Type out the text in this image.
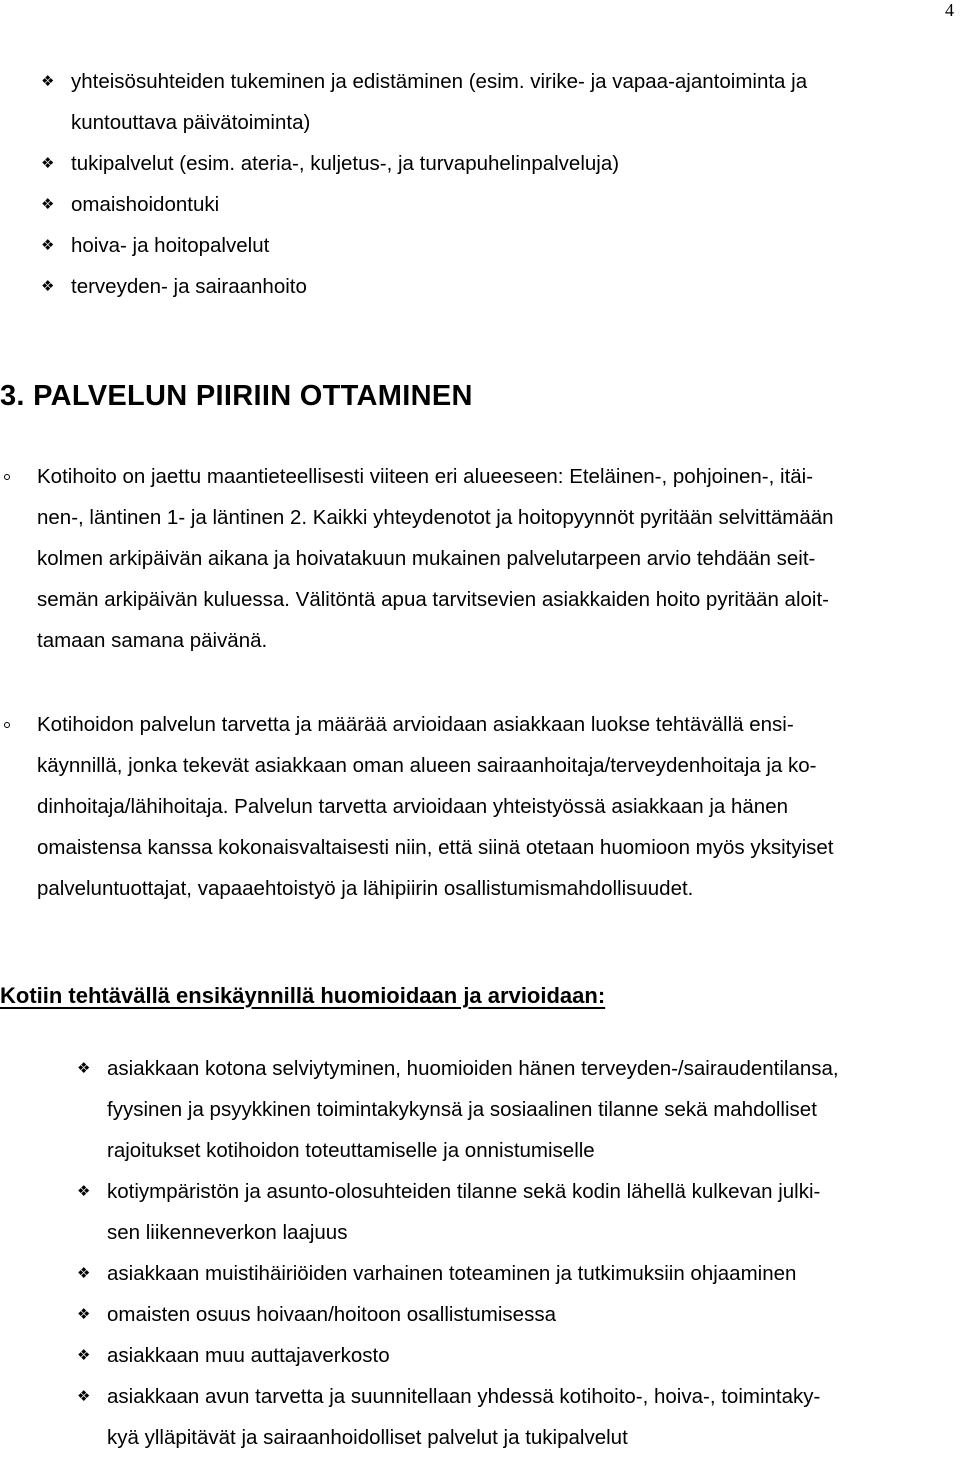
4
❖ yhteisösuhteiden tukeminen ja edistäminen (esim. virike- ja vapaa-ajantoiminta ja
kuntouttava päivätoiminta)
❖ tukipalvelut (esim. ateria-, kuljetus-, ja turvapuhelinpalveluja)
❖ omaishoidontuki
❖ hoiva- ja hoitopalvelut
❖ terveyden- ja sairaanhoito
3. PALVELUN PIIRIIN OTTAMINEN
Kotihoito on jaettu maantieteellisesti viiteen eri alueeseen: Eteläinen-, pohjoinen-, itäi-
nen-, läntinen 1- ja läntinen 2. Kaikki yhteydenotot ja hoitopyynnöt pyritään selvittämään
kolmen arkipäivän aikana ja hoivatakuun mukainen palvelutarpeen arvio tehdään seit-
semän arkipäivän kuluessa. Välitöntä apua tarvitsevien asiakkaiden hoito pyritään aloit-
tamaan samana päivänä.
Kotihoidon palvelun tarvetta ja määrää arvioidaan asiakkaan luokse tehtävällä ensi-
käynnillä, jonka tekevät asiakkaan oman alueen sairaanhoitaja/terveydenhoitaja ja ko-
dinhoitaja/lähihoitaja. Palvelun tarvetta arvioidaan yhteistyössä asiakkaan ja hänen
omaistensa kanssa kokonaisvaltaisesti niin, että siinä otetaan huomioon myös yksityiset
palveluntuottajat, vapaaehtoistyö ja lähipiirin osallistumismahdollisuudet.
Kotiin tehtävällä ensikäynnillä huomioidaan ja arvioidaan:
❖ asiakkaan kotona selviytyminen, huomioiden hänen terveyden-/sairaudentilansa,
fyysinen ja psyykkinen toimintakykynsä ja sosiaalinen tilanne sekä mahdolliset
rajoitukset kotihoidon toteuttamiselle ja onnistumiselle
❖ kotiympäristön ja asunto-olosuhteiden tilanne sekä kodin lähellä kulkevan julki-
sen liikenneverkon laajuus
❖ asiakkaan muistihäiriöiden varhainen toteaminen ja tutkimuksiin ohjaaminen
❖ omaisten osuus hoivaan/hoitoon osallistumisessa
❖ asiakkaan muu auttajaverkosto
❖ asiakkaan avun tarvetta ja suunnitellaan yhdessä kotihoito-, hoiva-, toimintaky-
kyä ylläpitävät ja sairaanhoidolliset palvelut ja tukipalvelut
